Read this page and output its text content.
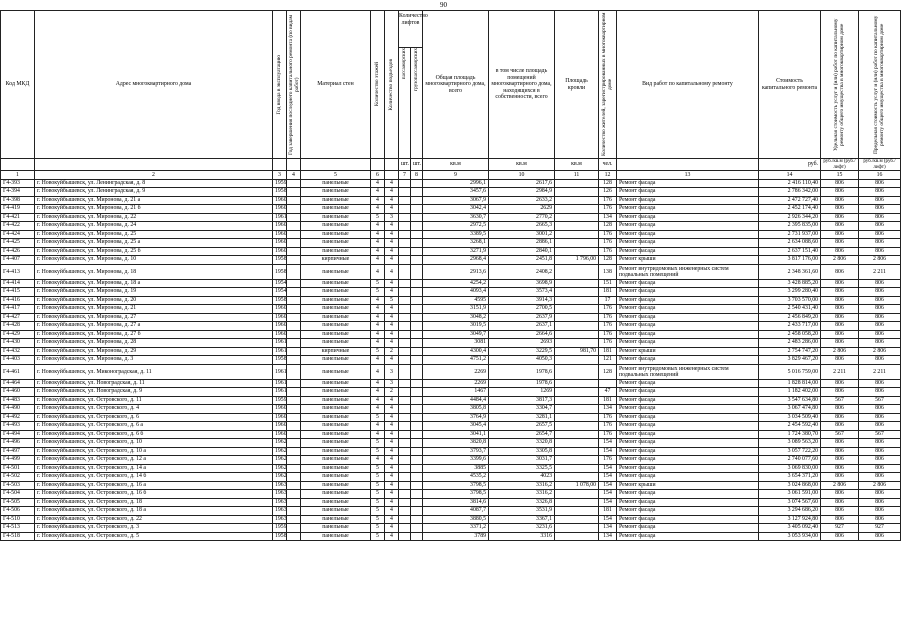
90
Код МКД	Адрес многоквартирного дома	Год ввода в эксплуатацию	Год завершения последнего капитального ремонта (по видам работ)	Материал стен	Количество этажей	Количество подъездов	Количество лифтов
пассажирских грузопассажирских		Общая площадь многоквартирного дома, всего	в том числе площадь помещений многоквартирного дома, находящихся в собственности, всего	Площадь кровли	Количество жителей, зарегистрированных в многоквартирном доме	Вид работ по капитальному ремонту	Стоимость капитального ремонта	Удельная стоимость услуг и (или) работ по капитальному ремонту общего имущества в многоквартирном доме	Предельная стоимость услуг и (или) работ по капитальному ремонту общего имущества в многоквартирном доме

							шт.	шт.	кв.м	кв.м	кв.м	чел.		руб.	руб./кв.м (руб./лифт)	руб./кв.м (руб./лифт)
1	2	3	4	5	6		7	8	9	10	11	12	13	14	15	16
Г4-393	г. Новокуйбышевск, ул. Ленинградская, д. 8	1959		панельные	4	4			2996,1	2617,6		128	Ремонт фасада	2 416 110,40	806	806
Г4-394	г. Новокуйбышевск, ул. Ленинградская, д. 9	1958		панельные	4	4			3457,6	2984,9		126	Ремонт фасада	2 786 342,00	806	806
Г4-398	г. Новокуйбышевск, ул. Миронова, д. 21 а	1960		панельные	4	4			3067,9	2633,2		176	Ремонт фасада	2 472 727,40	806	806
Г4-419	г. Новокуйбышевск, ул. Миронова, д. 21 б	1960		панельные	4	4			3042,4	2629		176	Ремонт фасада	2 452 174,40	806	806
Г4-421	г. Новокуйбышевск, ул. Миронова, д. 22	1961		панельные	5	3			3630,7	2770,2		134	Ремонт фасада	2 926 344,20	806	806
Г4-422	г. Новокуйбышевск, ул. Миронова, д. 24	1960		панельные	4	4			2972,5	2665,3		128	Ремонт фасада	2 395 835,00	806	806
Г4-424	г. Новокуйбышевск, ул. Миронова, д. 25	1960		панельные	4	4			3389,5	3001,2		176	Ремонт фасада	2 731 937,00	806	806
Г4-425	г. Новокуйбышевск, ул. Миронова, д. 25 а	1960		панельные	4	4			3268,1	2886,1		176	Ремонт фасада	2 634 088,60	806	806
Г4-426	г. Новокуйбышевск, ул. Миронова, д. 25 б	1960		панельные	4	4			3271,9	2840,1		176	Ремонт фасада	2 637 151,40	806	806
Г4-407	г. Новокуйбышевск, ул. Миронова, д. 10	1958		кирпичные	4	4			2968,4	2451,8	1 796,00	128	Ремонт крыши	3 817 176,00	2 806	2 806
Г4-413	г. Новокуйбышевск, ул. Миронова, д. 18	1958		панельные	4	4			2913,6	2408,2		138	Ремонт внутридомовых инженерных систем подвальных помещений	2 348 361,60	806	2 211
Г4-414	г. Новокуйбышевск, ул. Миронова, д. 18 а	1954		панельные	5	4			4254,2	3698,9		151	Ремонт фасада	3 428 885,20	806	806
Г4-415	г. Новокуйбышевск, ул. Миронова, д. 19	1954		панельные	5	4			4093,4	3573,4		181	Ремонт фасада	3 299 280,40	806	806
Г4-416	г. Новокуйбышевск, ул. Миронова, д. 20	1958		панельные	4	5			4595	3914,3		17	Ремонт фасада	3 703 570,00	806	806
Г4-417	г. Новокуйбышевск, ул. Миронова, д. 21	1960		панельные	4	4			3151,9	2700,5		176	Ремонт фасада	2 540 431,40	806	806
Г4-427	г. Новокуйбышевск, ул. Миронова, д. 27	1960		панельные	4	4			3048,2	2637,9		176	Ремонт фасада	2 456 849,20	806	806
Г4-428	г. Новокуйбышевск, ул. Миронова, д. 27 а	1960		панельные	4	4			3019,5	2637,1		176	Ремонт фасада	2 433 717,00	806	806
Г4-429	г. Новокуйбышевск, ул. Миронова, д. 27 б	1960		панельные	4	4			3049,7	2664,6		176	Ремонт фасада	2 458 058,20	806	806
Г4-430	г. Новокуйбышевск, ул. Миронова, д. 28	1961		панельные	4	4			3081	2693		176	Ремонт фасада	2 483 286,00	806	806
Г4-432	г. Новокуйбышевск, ул. Миронова, д. 29	1961		кирпичные	5	2			4300,4	3229,5	981,70	181	Ремонт крыши	2 754 747,20	2 806	2 806
Г4-403	г. Новокуйбышевск, ул. Миронова, д. 3	1958		панельные	4	4			4751,2	4050,3		121	Ремонт фасада	3 829 467,20	806	806
Г4-461	г. Новокуйбышевск, ул. Миконоградская, д. 11	1961		панельные	4	3			2269	1978,6		128	Ремонт внутридомовых инженерных систем подвальных помещений	5 016 759,00	2 211	2 211
Г4-464	г. Новокуйбышевск, ул. Новоградская, д. 11	1961		панельные	4	3			2269	1978,6			Ремонт фасада	1 828 814,00	806	806
Г4-460	г. Новокуйбышевск, ул. Новоградская, д. 9	1961		панельные	4	2			1467	1269		47	Ремонт фасада	1 182 402,00	806	806
Г4-483	г. Новокуйбышевск, ул. Островского, д. 11	1959		панельные	4	4			4484,4	3817,3		181	Ремонт фасада	3 547 634,80	567	567
Г4-490	г. Новокуйбышевск, ул. Островского, д. 4	1960		панельные	4	4			3805,8	3304,7		134	Ремонт фасада	3 067 474,80	806	806
Г4-492	г. Новокуйбышевск, ул. Островского, д. 6	1960		панельные	5	4			3764,9	3281,1		176	Ремонт фасада	3 034 509,40	806	806
Г4-493	г. Новокуйбышевск, ул. Островского, д. 6 а	1960		панельные	4	4			3045,4	2657,5		176	Ремонт фасада	2 454 592,40	806	806
Г4-494	г. Новокуйбышевск, ул. Островского, д. 6 б	1960		панельные	4	4			3041,1	2654,7		176	Ремонт фасада	1 724 380,70	567	567
Г4-496	г. Новокуйбышевск, ул. Островского, д. 10	1962		панельные	5	4			3820,8	3320,8		154	Ремонт фасада	3 089 563,20	806	806
Г4-497	г. Новокуйбышевск, ул. Островского, д. 10 а	1962		панельные	5	4			3793,7	3305,8		154	Ремонт фасада	3 057 722,20	806	806
Г4-499	г. Новокуйбышевск, ул. Островского, д. 12 а	1962		панельные	4	4			3399,6	3031,7		176	Ремонт фасада	2 740 077,60	806	806
Г4-501	г. Новокуйбышевск, ул. Островского, д. 14 а	1962		панельные	5	4			3885	3325,5		154	Ремонт фасада	3 069 830,00	806	806
Г4-502	г. Новокуйбышевск, ул. Островского, д. 14 б	1962		панельные	5	4			4535,2	4023		154	Ремонт фасада	3 654 371,20	806	806
Г4-503	г. Новокуйбышевск, ул. Островского, д. 16 а	1963		панельные	5	4			3798,5	3316,2	1 078,00	154	Ремонт крыши	3 024 868,00	2 806	2 806
Г4-504	г. Новокуйбышевск, ул. Островского, д. 16 б	1963		панельные	5	4			3798,5	3316,2		154	Ремонт фасада	3 061 591,00	806	806
Г4-505	г. Новокуйбышевск, ул. Островского, д. 18	1963		панельные	5	4			3814,6	3326,8		154	Ремонт фасада	3 074 567,60	806	806
Г4-506	г. Новокуйбышевск, ул. Островского, д. 18 а	1963		панельные	5	4			4087,7	3531,9		181	Ремонт фасада	3 294 686,20	806	806
Г4-510	г. Новокуйбышевск, ул. Островского, д. 22	1963		панельные	5	4			3880,5	3367,1		154	Ремонт фасада	3 127 924,80	806	806
Г4-513	г. Новокуйбышевск, ул. Островского, д. 3	1959		панельные	5	4			3371,2	3231,6		134	Ремонт фасада	3 405 092,40	927	927
Г4-518	г. Новокуйбышевск, ул. Островского, д. 5	1958		панельные	5	4			3789	3316		134	Ремонт фасада	3 053 934,00	806	806
